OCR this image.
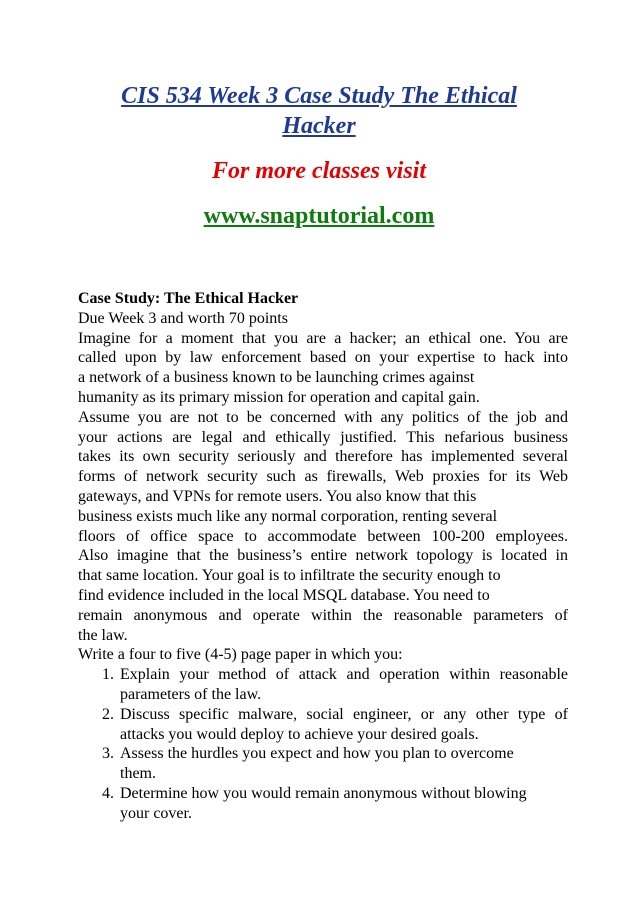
CIS 534 Week 3 Case Study The Ethical
Hacker
For more classes visit
www.snaptutorial.com
Case Study: The Ethical Hacker
Due Week 3 and worth 70 points
Imagine for a moment that you are a hacker; an ethical one. You are
called upon by law enforcement based on your expertise to hack into
a network of a business known to be launching crimes against
humanity as its primary mission for operation and capital gain.
Assume you are not to be concerned with any politics of the job and
your actions are legal and ethically justified. This nefarious business
takes its own security seriously and therefore has implemented several
forms of network security such as firewalls, Web proxies for its Web
gateways, and VPNs for remote users. You also know that this
business exists much like any normal corporation, renting several
floors of office space to accommodate between 100-200 employees.
Also imagine that the business’s entire network topology is located in
that same location. Your goal is to infiltrate the security enough to
find evidence included in the local MSQL database. You need to
remain anonymous and operate within the reasonable parameters of
the law.
Write a four to five (4-5) page paper in which you:
1. Explain your method of attack and operation within reasonable
parameters of the law.
2. Discuss specific malware, social engineer, or any other type of
attacks you would deploy to achieve your desired goals.
3. Assess the hurdles you expect and how you plan to overcome
them.
4. Determine how you would remain anonymous without blowing
your cover.
